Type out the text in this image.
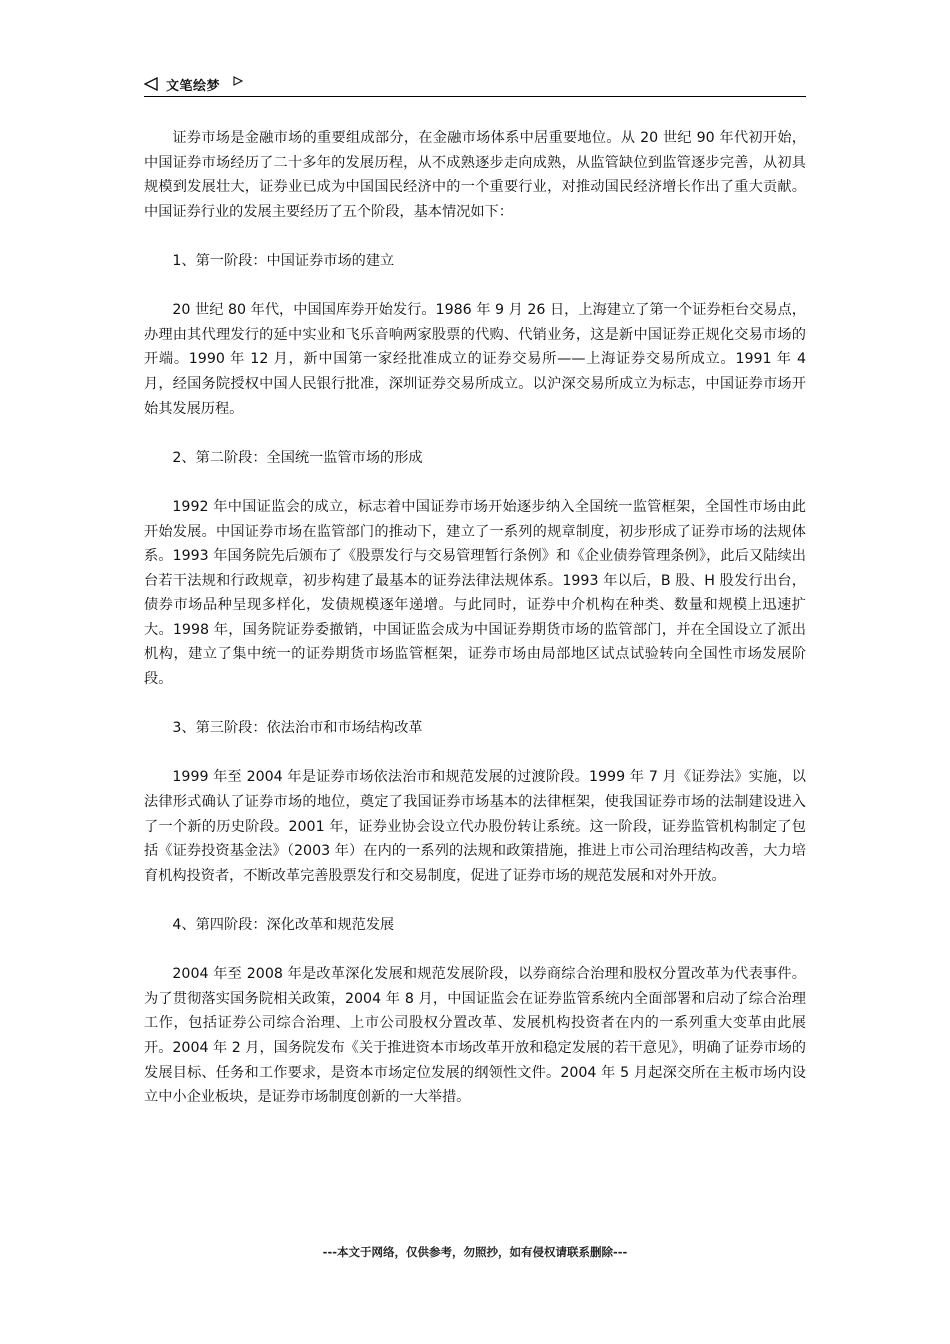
文笔绘梦

证券市场是金融市场的重要组成部分，在金融市场体系中居重要地位。从 20 世纪 90 年代初开始，中国证券市场经历了二十多年的发展历程，从不成熟逐步走向成熟，从监管缺位到监管逐步完善，从初具规模到发展壮大，证券业已成为中国国民经济中的一个重要行业，对推动国民经济增长作出了重大贡献。中国证券行业的发展主要经历了五个阶段，基本情况如下：

1、第一阶段：中国证券市场的建立

20 世纪 80 年代，中国国库券开始发行。1986 年 9 月 26 日，上海建立了第一个证券柜台交易点，办理由其代理发行的延中实业和飞乐音响两家股票的代购、代销业务，这是新中国证券正规化交易市场的开端。1990 年 12 月，新中国第一家经批准成立的证券交易所——上海证券交易所成立。1991 年 4 月，经国务院授权中国人民银行批准，深圳证券交易所成立。以沪深交易所成立为标志，中国证券市场开始其发展历程。

2、第二阶段：全国统一监管市场的形成

1992 年中国证监会的成立，标志着中国证券市场开始逐步纳入全国统一监管框架，全国性市场由此开始发展。中国证券市场在监管部门的推动下，建立了一系列的规章制度，初步形成了证券市场的法规体系。1993 年国务院先后颁布了《股票发行与交易管理暂行条例》和《企业债券管理条例》，此后又陆续出台若干法规和行政规章，初步构建了最基本的证券法律法规体系。1993 年以后，B 股、H 股发行出台，债券市场品种呈现多样化，发债规模逐年递增。与此同时，证券中介机构在种类、数量和规模上迅速扩大。1998 年，国务院证券委撤销，中国证监会成为中国证券期货市场的监管部门，并在全国设立了派出机构，建立了集中统一的证券期货市场监管框架，证券市场由局部地区试点试验转向全国性市场发展阶段。

3、第三阶段：依法治市和市场结构改革

1999 年至 2004 年是证券市场依法治市和规范发展的过渡阶段。1999 年 7 月《证券法》实施，以法律形式确认了证券市场的地位，奠定了我国证券市场基本的法律框架，使我国证券市场的法制建设进入了一个新的历史阶段。2001 年，证券业协会设立代办股份转让系统。这一阶段，证券监管机构制定了包括《证券投资基金法》（2003 年）在内的一系列的法规和政策措施，推进上市公司治理结构改善，大力培育机构投资者，不断改革完善股票发行和交易制度，促进了证券市场的规范发展和对外开放。

4、第四阶段：深化改革和规范发展

2004 年至 2008 年是改革深化发展和规范发展阶段，以券商综合治理和股权分置改革为代表事件。为了贯彻落实国务院相关政策，2004 年 8 月，中国证监会在证券监管系统内全面部署和启动了综合治理工作，包括证券公司综合治理、上市公司股权分置改革、发展机构投资者在内的一系列重大变革由此展开。2004 年 2 月，国务院发布《关于推进资本市场改革开放和稳定发展的若干意见》，明确了证券市场的发展目标、任务和工作要求，是资本市场定位发展的纲领性文件。2004 年 5 月起深交所在主板市场内设立中小企业板块，是证券市场制度创新的一大举措。

---本文于网络，仅供参考，勿照抄，如有侵权请联系删除---
